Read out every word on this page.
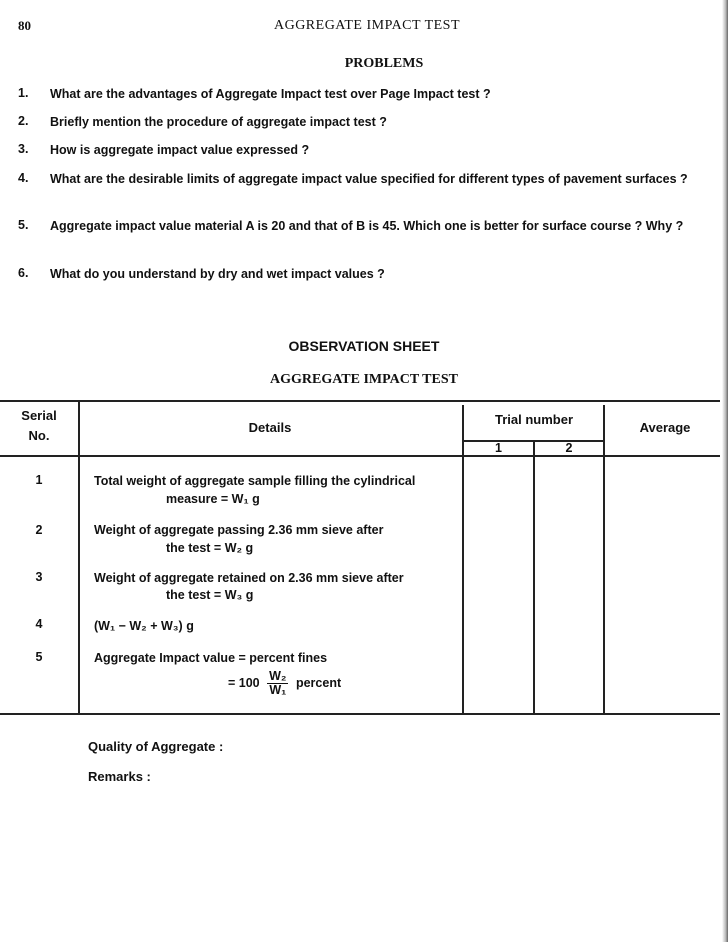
80	AGGREGATE IMPACT TEST
PROBLEMS
1. What are the advantages of Aggregate Impact test over Page Impact test ?
2. Briefly mention the procedure of aggregate impact test ?
3. How is aggregate impact value expressed ?
4. What are the desirable limits of aggregate impact value specified for different types of pavement surfaces ?
5. Aggregate impact value material A is 20 and that of B is 45. Which one is better for surface course ? Why ?
6. What do you understand by dry and wet impact values ?
OBSERVATION SHEET
AGGREGATE IMPACT TEST
Serial
No.
Details
Trial number
1	2
Average
1	Total weight of aggregate sample filling the cylindrical
measure = W₁ g
2	Weight of aggregate passing 2.36 mm sieve after
the test = W₂ g
3	Weight of aggregate retained on 2.36 mm sieve after
the test = W₃ g
4	(W₁ − W₂ + W₃) g
5	Aggregate Impact value = percent fines
= $100 \frac{\text{W₂}}{\text{W₁}}$ percent
Quality of Aggregate :
Remarks :
